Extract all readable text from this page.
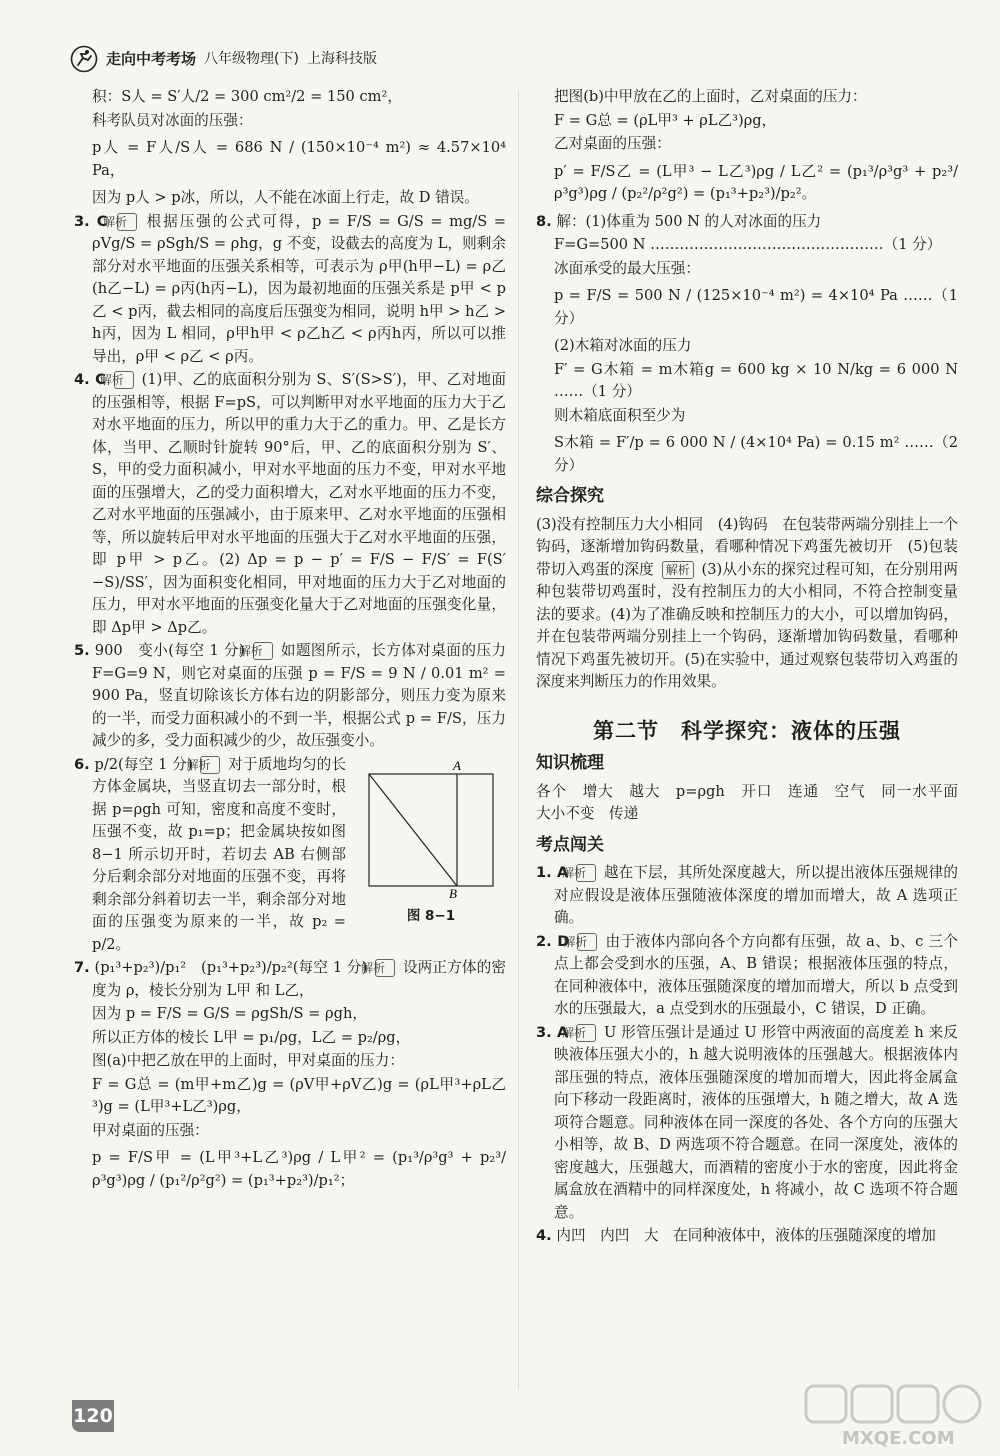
走向中考考场 八年级物理(下) 上海科技版

积：S人 = S′人/2 = 300 cm²/2 = 150 cm²，

科考队员对冰面的压强：

p人 = F人/S人 = 686 N / (150×10⁻⁴ m²) ≈ 4.57×10⁴ Pa，

因为 p人 > p冰，所以，人不能在冰面上行走，故 D 错误。

3. C 解析 根据压强的公式可得，p = F/S = G/S = mg/S = ρVg/S = ρSgh/S = ρhg，g 不变，设截去的高度为 L，则剩余部分对水平地面的压强关系相等，可表示为 ρ甲(h甲−L) = ρ乙(h乙−L) = ρ丙(h丙−L)，因为最初地面的压强关系是 p甲 < p乙 < p丙，截去相同的高度后压强变为相同，说明 h甲 > h乙 > h丙，因为 L 相同，ρ甲h甲 < ρ乙h乙 < ρ丙h丙，所以可以推导出，ρ甲 < ρ乙 < ρ丙。

4. C 解析 (1)甲、乙的底面积分别为 S、S′(S>S′)，甲、乙对地面的压强相等，根据 F=pS，可以判断甲对水平地面的压力大于乙对水平地面的压力，所以甲的重力大于乙的重力。甲、乙是长方体，当甲、乙顺时针旋转 90°后，甲、乙的底面积分别为 S′、S，甲的受力面积减小，甲对水平地面的压力不变，甲对水平地面的压强增大，乙的受力面积增大，乙对水平地面的压力不变，乙对水平地面的压强减小，由于原来甲、乙对水平地面的压强相等，所以旋转后甲对水平地面的压强大于乙对水平地面的压强，即 p甲 > p乙。(2) Δp = p − p′ = F/S − F/S′ = F(S′−S)/SS′，因为面积变化相同，甲对地面的压力大于乙对地面的压力，甲对水平地面的压强变化量大于乙对地面的压强变化量，即 Δp甲 > Δp乙。

5. 900　变小(每空 1 分) 解析 如题图所示，长方体对桌面的压力 F=G=9 N，则它对桌面的压强 p = F/S = 9 N / 0.01 m² = 900 Pa，竖直切除该长方体右边的阴影部分，则压力变为原来的一半，而受力面积减小的不到一半，根据公式 p = F/S，压力减少的多，受力面积减少的少，故压强变小。

A
B
图 8−1

6. p/2(每空 1 分) 解析 对于质地均匀的长方体金属块，当竖直切去一部分时，根据 p=ρgh 可知，密度和高度不变时，压强不变，故 p₁=p；把金属块按如图 8−1 所示切开时，若切去 AB 右侧部分后剩余部分对地面的压强不变，再将剩余部分斜着切去一半，剩余部分对地面的压强变为原来的一半，故 p₂ = p/2。

7. (p₁³+p₂³)/p₁²　(p₁³+p₂³)/p₂²(每空 1 分) 解析 设两正方体的密度为 ρ，棱长分别为 L甲 和 L乙，

因为 p = F/S = G/S = ρgSh/S = ρgh，

所以正方体的棱长 L甲 = p₁/ρg，L乙 = p₂/ρg，

图(a)中把乙放在甲的上面时，甲对桌面的压力：

F = G总 = (m甲+m乙)g = (ρV甲+ρV乙)g = (ρL甲³+ρL乙³)g = (L甲³+L乙³)ρg，

甲对桌面的压强：

p = F/S甲 = (L甲³+L乙³)ρg / L甲² = (p₁³/ρ³g³ + p₂³/ρ³g³)ρg / (p₁²/ρ²g²) = (p₁³+p₂³)/p₁²；

把图(b)中甲放在乙的上面时，乙对桌面的压力：

F = G总 = (ρL甲³ + ρL乙³)ρg，

乙对桌面的压强：

p′ = F/S乙 = (L甲³ − L乙³)ρg / L乙² = (p₁³/ρ³g³ + p₂³/ρ³g³)ρg / (p₂²/ρ²g²) = (p₁³+p₂³)/p₂²。

8. 解：(1)体重为 500 N 的人对冰面的压力

F=G=500 N …………………………………………（1 分）

冰面承受的最大压强：

p = F/S = 500 N / (125×10⁻⁴ m²) = 4×10⁴ Pa ……（1 分）

(2)木箱对冰面的压力

F′ = G木箱 = m木箱g = 600 kg × 10 N/kg = 6 000 N ……（1 分）

则木箱底面积至少为

S木箱 = F′/p = 6 000 N / (4×10⁴ Pa) = 0.15 m² ……（2 分）

综合探究

(3)没有控制压力大小相同　(4)钩码　在包装带两端分别挂上一个钩码，逐渐增加钩码数量，看哪种情况下鸡蛋先被切开　(5)包装带切入鸡蛋的深度 解析 (3)从小东的探究过程可知，在分别用两种包装带切鸡蛋时，没有控制压力的大小相同，不符合控制变量法的要求。(4)为了准确反映和控制压力的大小，可以增加钩码，并在包装带两端分别挂上一个钩码，逐渐增加钩码数量，看哪种情况下鸡蛋先被切开。(5)在实验中，通过观察包装带切入鸡蛋的深度来判断压力的作用效果。

第二节　科学探究：液体的压强
知识梳理

各个　增大　越大　p=ρgh　开口　连通　空气　同一水平面　大小不变　传递

考点闯关

1. A 解析 越在下层，其所处深度越大，所以提出液体压强规律的对应假设是液体压强随液体深度的增加而增大，故 A 选项正确。

2. D 解析 由于液体内部向各个方向都有压强，故 a、b、c 三个点上都会受到水的压强，A、B 错误；根据液体压强的特点，在同种液体中，液体压强随深度的增加而增大，所以 b 点受到水的压强最大，a 点受到水的压强最小，C 错误，D 正确。

3. A 解析 U 形管压强计是通过 U 形管中两液面的高度差 h 来反映液体压强大小的，h 越大说明液体的压强越大。根据液体内部压强的特点，液体压强随深度的增加而增大，因此将金属盒向下移动一段距离时，液体的压强增大，h 随之增大，故 A 选项符合题意。同种液体在同一深度的各处、各个方向的压强大小相等，故 B、D 两选项不符合题意。在同一深度处，液体的密度越大，压强越大，而酒精的密度小于水的密度，因此将金属盒放在酒精中的同样深度处，h 将减小，故 C 选项不符合题意。

4. 内凹　内凹　大　在同种液体中，液体的压强随深度的增加

120
MXQE.COM
